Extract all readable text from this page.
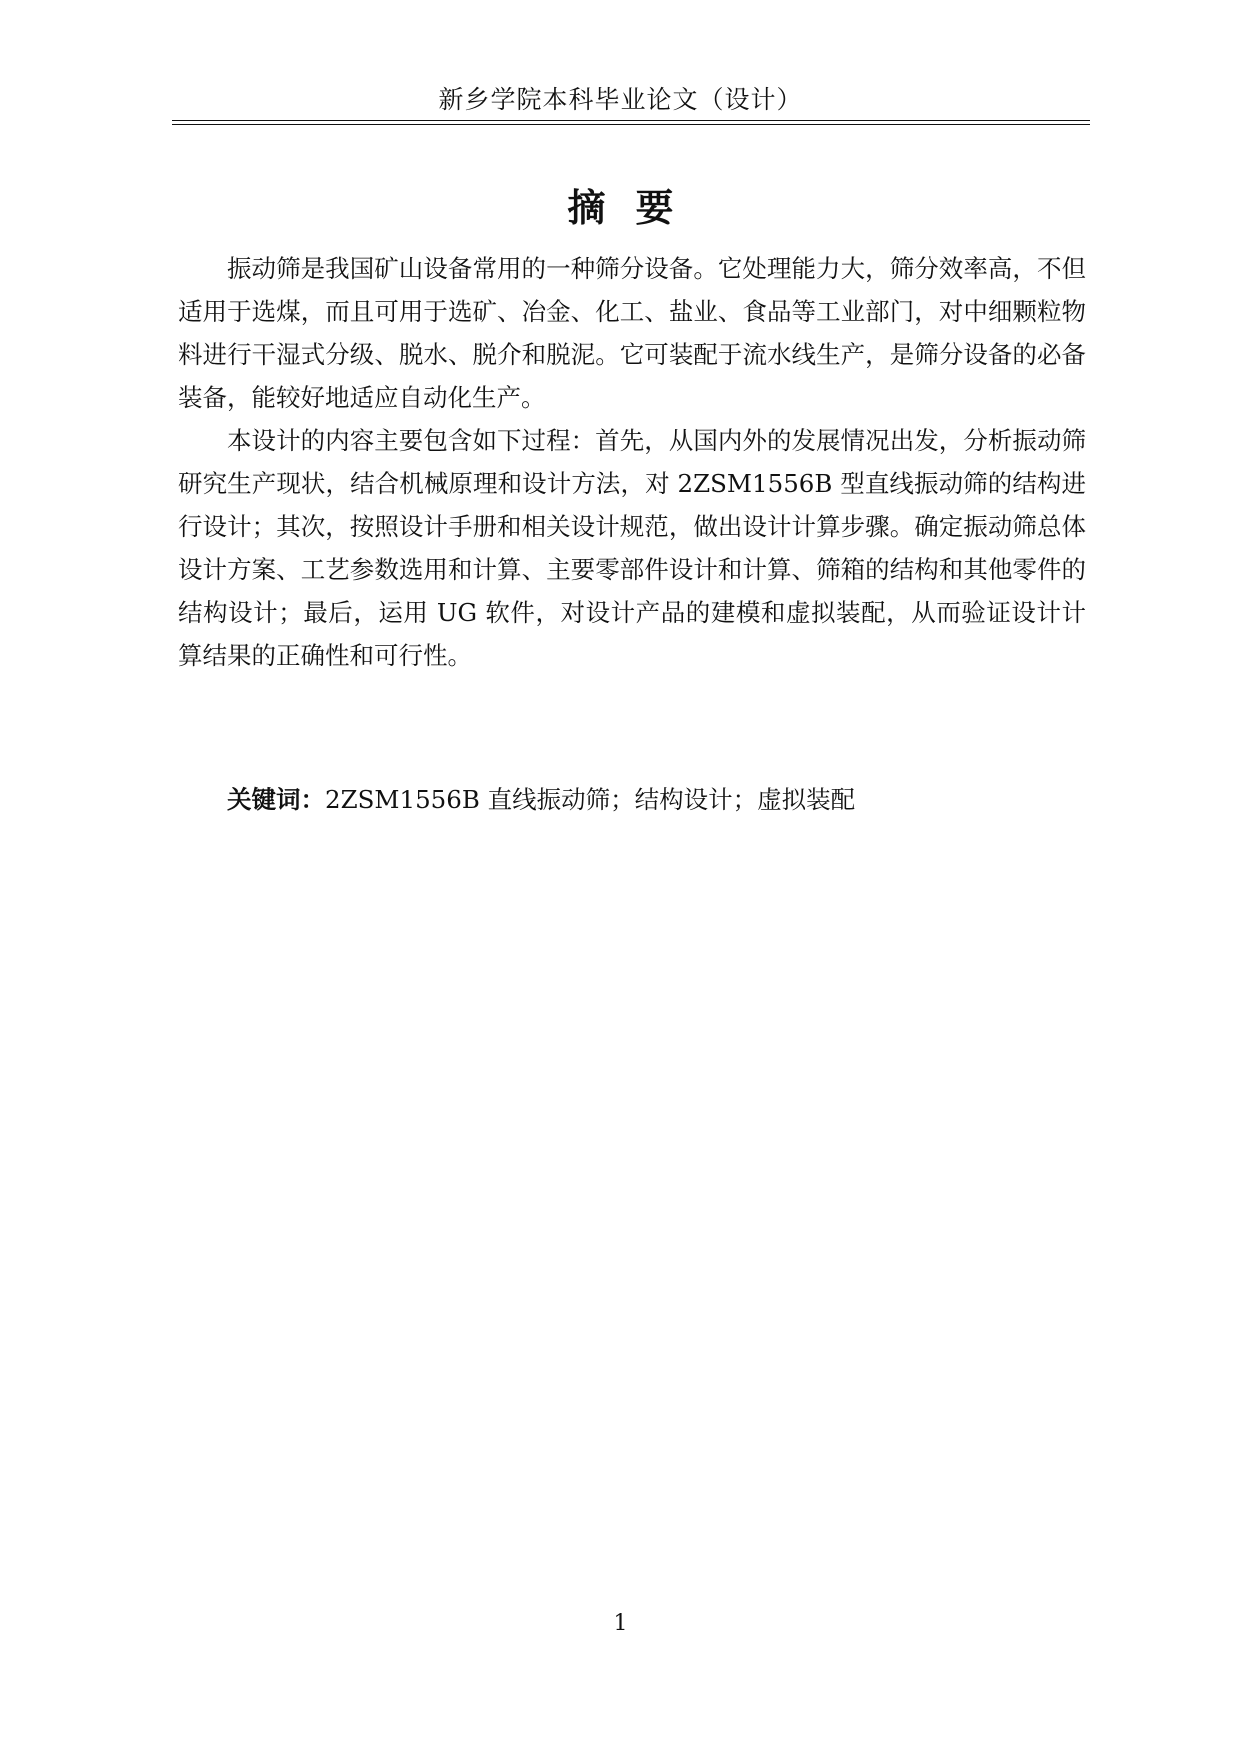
新乡学院本科毕业论文（设计）
摘要

振动筛是我国矿山设备常用的一种筛分设备。它处理能力大，筛分效率高，不但适用于选煤，而且可用于选矿、冶金、化工、盐业、食品等工业部门，对中细颗粒物料进行干湿式分级、脱水、脱介和脱泥。它可装配于流水线生产，是筛分设备的必备装备，能较好地适应自动化生产。

本设计的内容主要包含如下过程：首先，从国内外的发展情况出发，分析振动筛研究生产现状，结合机械原理和设计方法，对 2ZSM1556B 型直线振动筛的结构进行设计；其次，按照设计手册和相关设计规范，做出设计计算步骤。确定振动筛总体设计方案、工艺参数选用和计算、主要零部件设计和计算、筛箱的结构和其他零件的结构设计；最后，运用 UG 软件，对设计产品的建模和虚拟装配，从而验证设计计算结果的正确性和可行性。

关键词：2ZSM1556B 直线振动筛；结构设计；虚拟装配
1
